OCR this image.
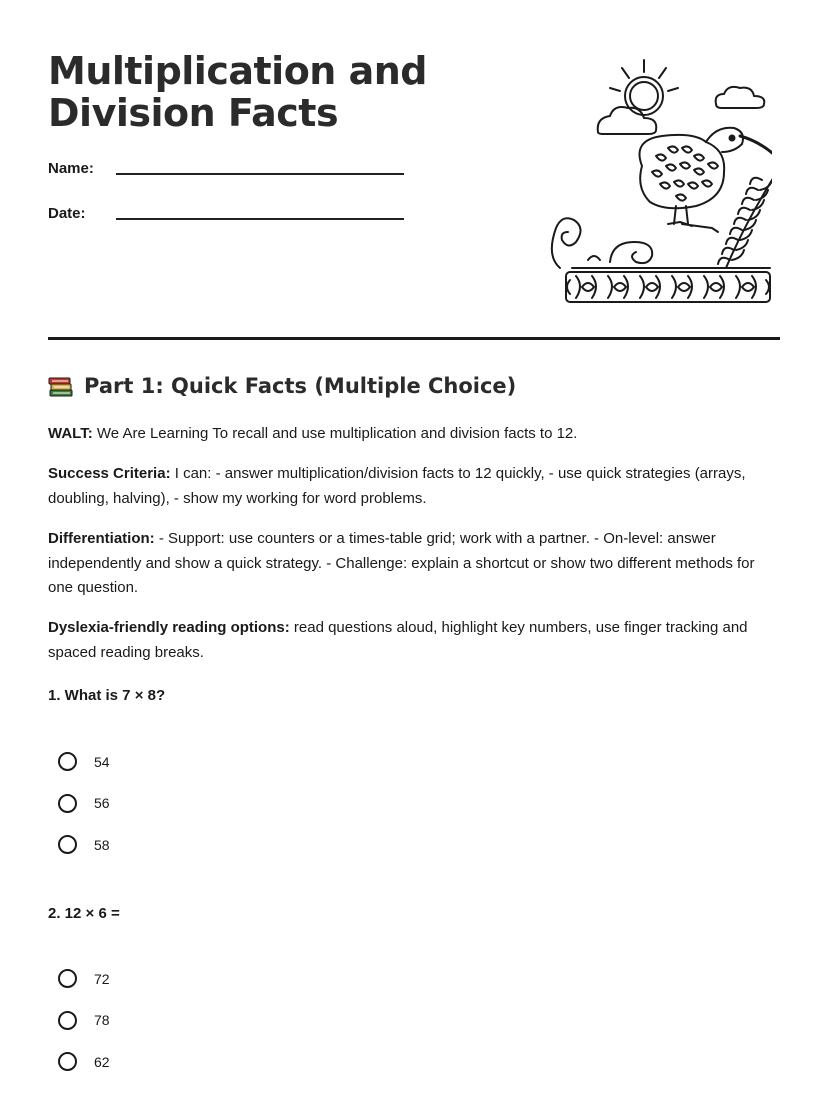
Multiplication and
Division Facts
Name:
Date:
Part 1: Quick Facts (Multiple Choice)

WALT: We Are Learning To recall and use multiplication and division facts to 12.

Success Criteria: I can: - answer multiplication/division facts to 12 quickly, - use quick strategies (arrays, doubling, halving), - show my working for word problems.

Differentiation: - Support: use counters or a times-table grid; work with a partner. - On-level: answer independently and show a quick strategy. - Challenge: explain a shortcut or show two different methods for one question.

Dyslexia-friendly reading options: read questions aloud, highlight key numbers, use finger tracking and spaced reading breaks.

1. What is 7 × 8?

54
56
58

2. 12 × 6 =

72
78
62
